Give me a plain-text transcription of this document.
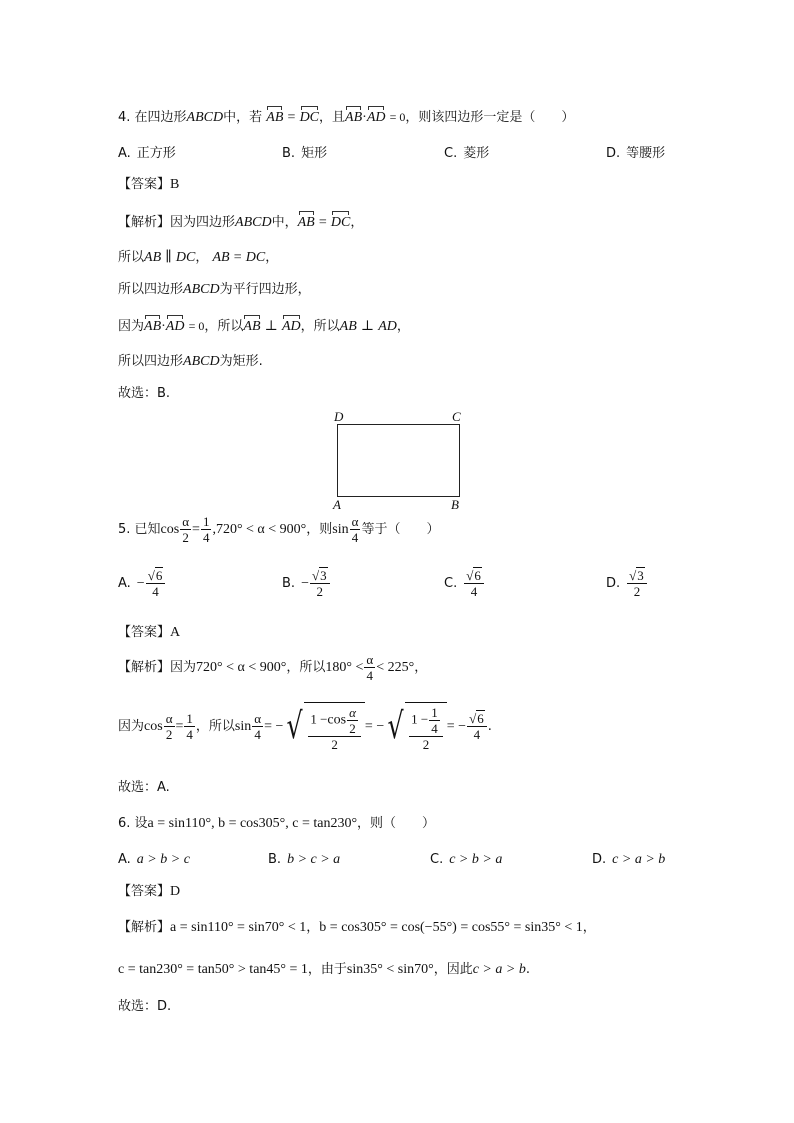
4. 在四边形ABCD中，若 AB = DC，且AB·AD = 0，则该四边形一定是（　　）
A. 正方形	B. 矩形	C. 菱形	D. 等腰形
【答案】B
【解析】因为四边形ABCD中，AB = DC，
所以AB ∥ DC， AB = DC，
所以四边形ABCD为平行四边形，
因为AB·AD = 0，所以AB ⊥ AD，所以AB ⊥ AD，
所以四边形ABCD为矩形.
故选：B.
D	C
A	B
5. 已知$\cos \frac{\alpha}{2} = \frac{1}{4} ,720^\circ < \alpha < 900^\circ$，则$\sin \frac{\alpha}{4}$ 等于（　　）
A. − $\frac{√6}{4}$	B. − $\frac{√3}{2}$	C. $\frac{√6}{4}$	D. $\frac{√3}{2}$
【答案】A
【解析】因为720° < α < 900°，所以$180^\circ < \frac{\alpha}{4} < 225^\circ$，
因为$\cos \frac{\alpha}{2} = \frac{1}{4}$ ，所以$\sin \frac{\alpha}{4}$ = − √ $\frac{1 -\cos \frac{\alpha}{2}}{2}$ = − √ $\frac{1 - \frac{1}{4}}{2}$ = − $\frac{√6}{4}$ .
故选：A.
6. 设a = sin110°, b = cos305°, c = tan230°，则（　　）
A. a > b > c	B. b > c > a	C. c > b > a	D. c > a > b
【答案】D
【解析】a = sin110° = sin70° < 1，b = cos305° = cos(−55°) = cos55° = sin35° < 1，
c = tan230° = tan50° > tan45° = 1，由于sin35° < sin70°，因此c > a > b.
故选：D.
